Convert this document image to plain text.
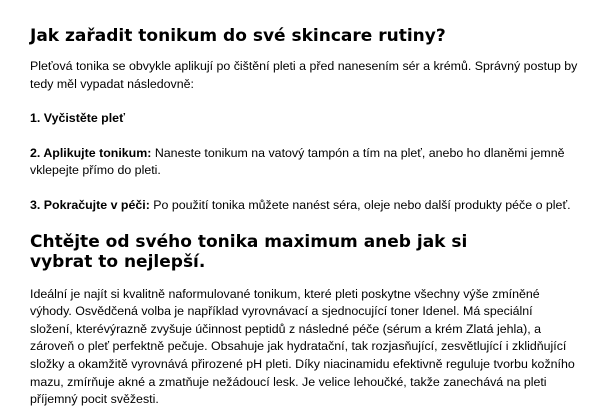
Jak zařadit tonikum do své skincare rutiny?

Pleťová tonika se obvykle aplikují po čištění pleti a před nanesením sér a krémů. Správný postup by tedy měl vypadat následovně:

1. Vyčistěte pleť

2. Aplikujte tonikum: Naneste tonikum na vatový tampón a tím na pleť, anebo ho dlaněmi jemně
vklepejte přímo do pleti.

3. Pokračujte v péči: Po použití tonika můžete nanést séra, oleje nebo další produkty péče o pleť.

Chtějte od svého tonika maximum aneb jak si vybrat to nejlepší.

Ideální je najít si kvalitně naformulované tonikum, které pleti poskytne všechny výše zmíněné výhody. Osvědčená volba je například vyrovnávací a sjednocující toner Idenel. Má speciální složení, kterévýrazně zvyšuje účinnost peptidů z následné péče (sérum a krém Zlatá jehla), a zároveň o pleť perfektně pečuje. Obsahuje jak hydratační, tak rozjasňující, zesvětlující i zklidňující složky a okamžitě vyrovnává přirozené pH pleti. Díky niacinamidu efektivně reguluje tvorbu kožního mazu, zmírňuje akné a zmatňuje nežádoucí lesk. Je velice lehoučké, takže zanechává na pleti příjemný pocit svěžesti.
